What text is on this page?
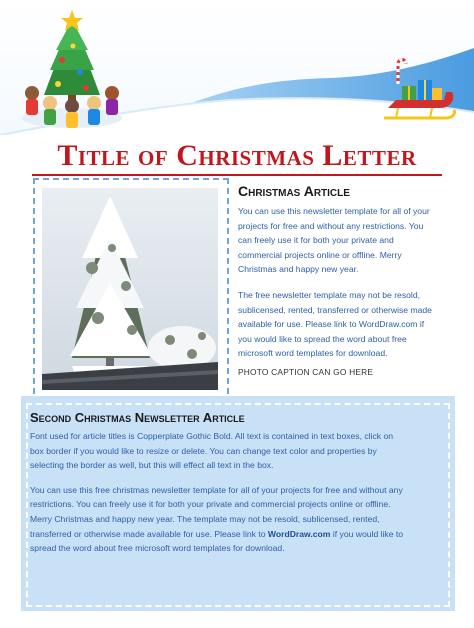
Title of Christmas Letter
Christmas Article

You can use this newsletter template for all of your
projects for free and without any restrictions. You
can freely use it for both your private and
commercial projects online or offline. Merry
Christmas and happy new year.

The free newsletter template may not be resold,
sublicensed, rented, transferred or otherwise made
available for use. Please link to WordDraw.com if
you would like to spread the word about free
microsoft word templates for download.

PHOTO CAPTION CAN GO HERE
Second Christmas Newsletter Article

Font used for article titles is Copperplate Gothic Bold. All text is contained in text boxes, click on
box border if you would like to resize or delete. You can change text color and properties by
selecting the border as well, but this will effect all text in the box.

You can use this free christmas newsletter template for all of your projects for free and without any
restrictions. You can freely use it for both your private and commercial projects online or offline.
Merry Christmas and happy new year. The template may not be resold, sublicensed, rented,
transferred or otherwise made available for use. Please link to WordDraw.com if you would like to
spread the word about free microsoft word templates for download.
